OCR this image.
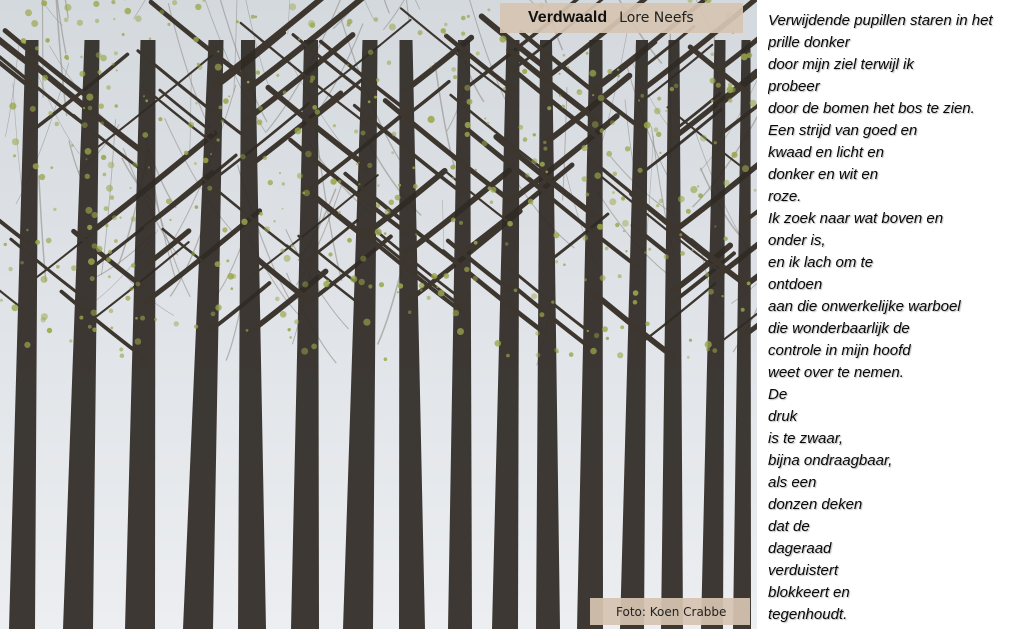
Verdwaald Lore Neefs
Foto: Koen Crabbe
Verwijdende pupillen staren in het
prille donker
door mijn ziel terwijl ik
probeer
door de bomen het bos te zien.
Een strijd van goed en
kwaad en licht en
donker en wit en
roze.
Ik zoek naar wat boven en
onder is,
en ik lach om te
ontdoen
aan die onwerkelijke warboel
die wonderbaarlijk de
controle in mijn hoofd
weet over te nemen.
De
druk
is te zwaar,
bijna ondraagbaar,
als een
donzen deken
dat de
dageraad
verduistert
blokkeert en
tegenhoudt.
